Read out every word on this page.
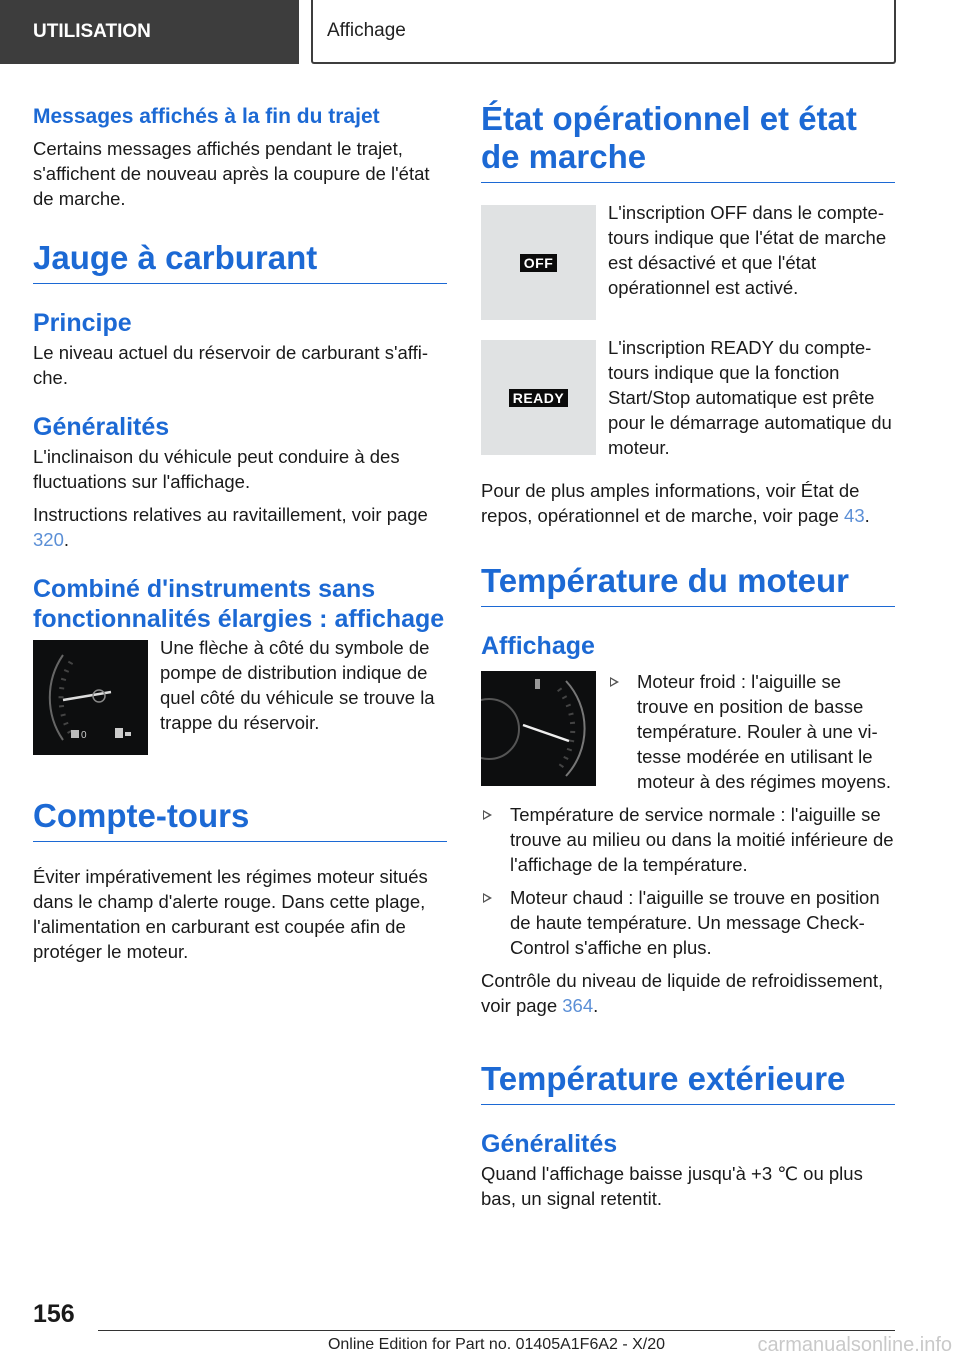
UTILISATION	Affichage
Messages affichés à la fin du trajet

Certains messages affichés pendant le trajet, s'affichent de nouveau après la coupure de l'état de marche.

Jauge à carburant
Principe

Le niveau actuel du réservoir de carburant s'affi‐che.

Généralités

L'inclinaison du véhicule peut conduire à des fluctuations sur l'affichage.

Instructions relatives au ravitaillement, voir page 320.

Combiné d'instruments sans fonctionnalités élargies : affichage
0

Une flèche à côté du symbole de pompe de distribution indique de quel côté du véhicule se trouve la trappe du réservoir.

Compte-tours

Éviter impérativement les régimes moteur situés dans le champ d'alerte rouge. Dans cette plage, l'alimentation en carburant est coupée afin de protéger le moteur.

État opérationnel et état de marche
OFF

L'inscription OFF dans le compte-tours indique que l'état de marche est désactivé et que l'état opérationnel est activé.

READY

L'inscription READY du compte-tours indique que la fonction Start/Stop automatique est prête pour le démarrage automatique du moteur.

Pour de plus amples informations, voir État de repos, opérationnel et de marche, voir page 43.

Température du moteur
Affichage
Moteur froid : l'aiguille se trouve en position de basse température. Rouler à une vi‐tesse modérée en utilisant le moteur à des régimes moyens.
Température de service normale : l'aiguille se trouve au milieu ou dans la moitié inférieure de l'affichage de la température.
Moteur chaud : l'aiguille se trouve en position de haute température. Un message Check-Control s'affiche en plus.

Contrôle du niveau de liquide de refroidissement, voir page 364.

Température extérieure
Généralités

Quand l'affichage baisse jusqu'à +3 ℃ ou plus bas, un signal retentit.

156
Online Edition for Part no. 01405A1F6A2 - X/20	carmanualsonline.info
